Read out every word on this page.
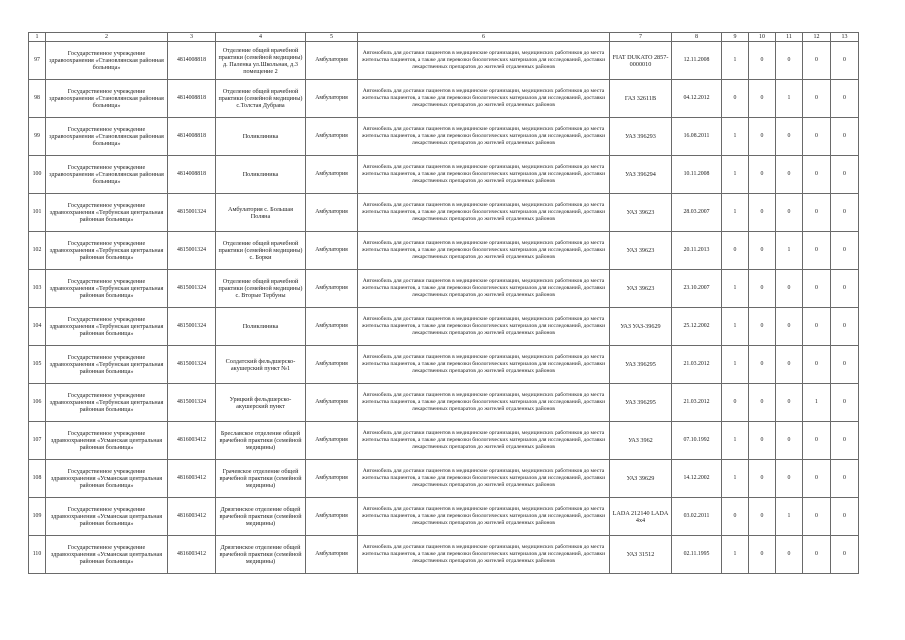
1	2	3	4	5	6	7	8	9	10	11	12	13
97	Государственное учреждение здравоохранения «Становлянская районная больница»	4814008818	Отделение общей врачебной практики (семейной медицины) д. Паленка ул.Школьная, д.3 помещение 2	Амбулатория	Автомобиль для доставки пациентов в медицинские организации, медицинских работников до места жительства пациентов, а также для перевозки биологических материалов для исследований, доставки лекарственных препаратов до жителей отдаленных районов	FIAT DUKATO 2857-0000010	12.11.2008	1	0	0	0	0
98	Государственное учреждение здравоохранения «Становлянская районная больница»	4814008818	Отделение общей врачебной практики (семейной медицины) с.Толстая Дубрава	Амбулатория	Автомобиль для доставки пациентов в медицинские организации, медицинских работников до места жительства пациентов, а также для перевозки биологических материалов для исследований, доставки лекарственных препаратов до жителей отдаленных районов	ГАЗ 32611В	04.12.2012	0	0	1	0	0
99	Государственное учреждение здравоохранения «Становлянская районная больница»	4814008818	Поликлиника	Амбулатория	Автомобиль для доставки пациентов в медицинские организации, медицинских работников до места жительства пациентов, а также для перевозки биологических материалов для исследований, доставки лекарственных препаратов до жителей отдаленных районов	УАЗ 396293	16.08.2011	1	0	0	0	0
100	Государственное учреждение здравоохранения «Становлянская районная больница»	4814008818	Поликлиника	Амбулатория	Автомобиль для доставки пациентов в медицинские организации, медицинских работников до места жительства пациентов, а также для перевозки биологических материалов для исследований, доставки лекарственных препаратов до жителей отдаленных районов	УАЗ 396294	10.11.2008	1	0	0	0	0
101	Государственное учреждение здравоохранения «Тербунская центральная районная больница»	4815001324	Амбулатория с. Большая Поляна	Амбулатория	Автомобиль для доставки пациентов в медицинские организации, медицинских работников до места жительства пациентов, а также для перевозки биологических материалов для исследований, доставки лекарственных препаратов до жителей отдаленных районов	УАЗ 39623	28.03.2007	1	0	0	0	0
102	Государственное учреждение здравоохранения «Тербунская центральная районная больница»	4815001324	Отделение общей врачебной практики (семейной медицины) с. Борки	Амбулатория	Автомобиль для доставки пациентов в медицинские организации, медицинских работников до места жительства пациентов, а также для перевозки биологических материалов для исследований, доставки лекарственных препаратов до жителей отдаленных районов	УАЗ 39623	20.11.2013	0	0	1	0	0
103	Государственное учреждение здравоохранения «Тербунская центральная районная больница»	4815001324	Отделение общей врачебной практики (семейной медицины) с. Вторые Тербуны	Амбулатория	Автомобиль для доставки пациентов в медицинские организации, медицинских работников до места жительства пациентов, а также для перевозки биологических материалов для исследований, доставки лекарственных препаратов до жителей отдаленных районов	УАЗ 39623	23.10.2007	1	0	0	0	0
104	Государственное учреждение здравоохранения «Тербунская центральная районная больница»	4815001324	Поликлиника	Амбулатория	Автомобиль для доставки пациентов в медицинские организации, медицинских работников до места жительства пациентов, а также для перевозки биологических материалов для исследований, доставки лекарственных препаратов до жителей отдаленных районов	УАЗ УАЗ-39629	25.12.2002	1	0	0	0	0
105	Государственное учреждение здравоохранения «Тербунская центральная районная больница»	4815001324	Солдатский фельдшерско-акушерский пункт №1	Амбулатория	Автомобиль для доставки пациентов в медицинские организации, медицинских работников до места жительства пациентов, а также для перевозки биологических материалов для исследований, доставки лекарственных препаратов до жителей отдаленных районов	УАЗ 396295	21.03.2012	1	0	0	0	0
106	Государственное учреждение здравоохранения «Тербунская центральная районная больница»	4815001324	Урицкий фельдшерско-акушерский пункт	Амбулатория	Автомобиль для доставки пациентов в медицинские организации, медицинских работников до места жительства пациентов, а также для перевозки биологических материалов для исследований, доставки лекарственных препаратов до жителей отдаленных районов	УАЗ 396295	21.03.2012	0	0	0	1	0
107	Государственное учреждение здравоохранения «Усманская центральная районная больница»	4816003412	Бреславское отделение общей врачебной практики (семейной медицины)	Амбулатория	Автомобиль для доставки пациентов в медицинские организации, медицинских работников до места жительства пациентов, а также для перевозки биологических материалов для исследований, доставки лекарственных препаратов до жителей отдаленных районов	УАЗ 3962	07.10.1992	1	0	0	0	0
108	Государственное учреждение здравоохранения «Усманская центральная районная больница»	4816003412	Грачевское отделение общей врачебной практики (семейной медицины)	Амбулатория	Автомобиль для доставки пациентов в медицинские организации, медицинских работников до места жительства пациентов, а также для перевозки биологических материалов для исследований, доставки лекарственных препаратов до жителей отдаленных районов	УАЗ 39629	14.12.2002	1	0	0	0	0
109	Государственное учреждение здравоохранения «Усманская центральная районная больница»	4816003412	Дрязгинское отделение общей врачебной практики (семейной медицины)	Амбулатория	Автомобиль для доставки пациентов в медицинские организации, медицинских работников до места жительства пациентов, а также для перевозки биологических материалов для исследований, доставки лекарственных препаратов до жителей отдаленных районов	LADA 212140 LADA 4x4	03.02.2011	0	0	1	0	0
110	Государственное учреждение здравоохранения «Усманская центральная районная больница»	4816003412	Дрязгинское отделение общей врачебной практики (семейной медицины)	Амбулатория	Автомобиль для доставки пациентов в медицинские организации, медицинских работников до места жительства пациентов, а также для перевозки биологических материалов для исследований, доставки лекарственных препаратов до жителей отдаленных районов	УАЗ 31512	02.11.1995	1	0	0	0	0
